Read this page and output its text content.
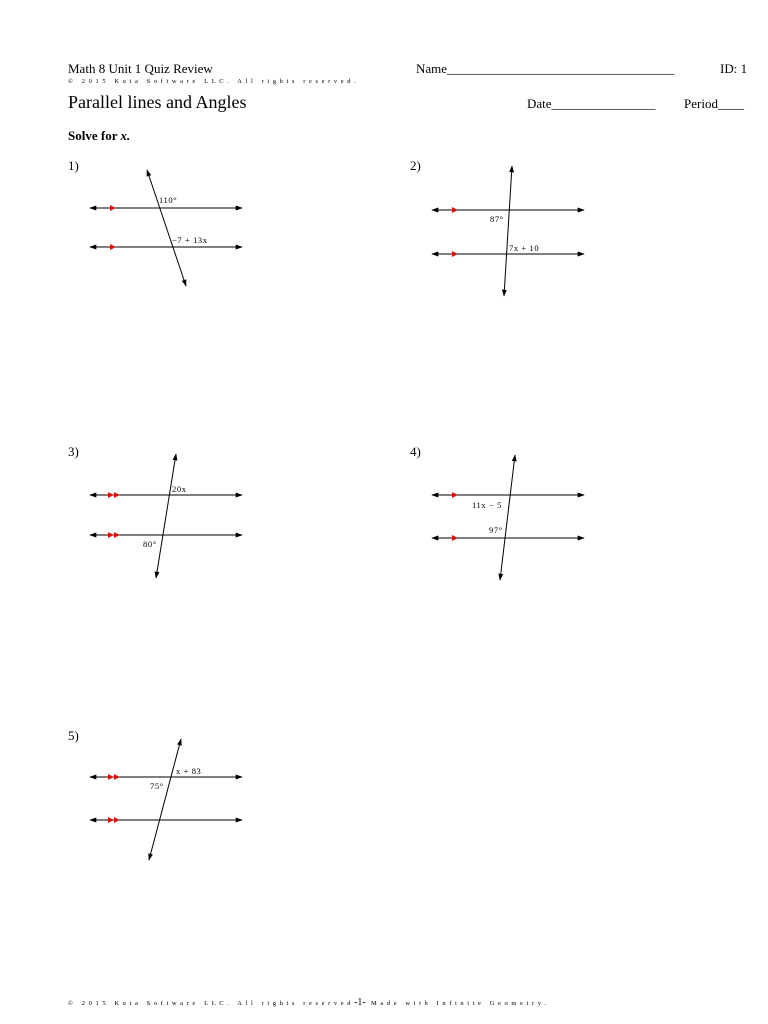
Math 8 Unit 1 Quiz Review	Name___________________________________	ID: 1
© 2015 Kuta Software LLC. All rights reserved.
Parallel lines and Angles	Date________________ Period____
Solve for x.
1)	2)
3)	4)
5)
110°
−7 + 13x
87°
7x + 10
20x
80°
11x − 5
97°
x + 83
75°
© 2015 Kuta Software LLC. All rights reserved-1- Made with Infinite Geometry.
